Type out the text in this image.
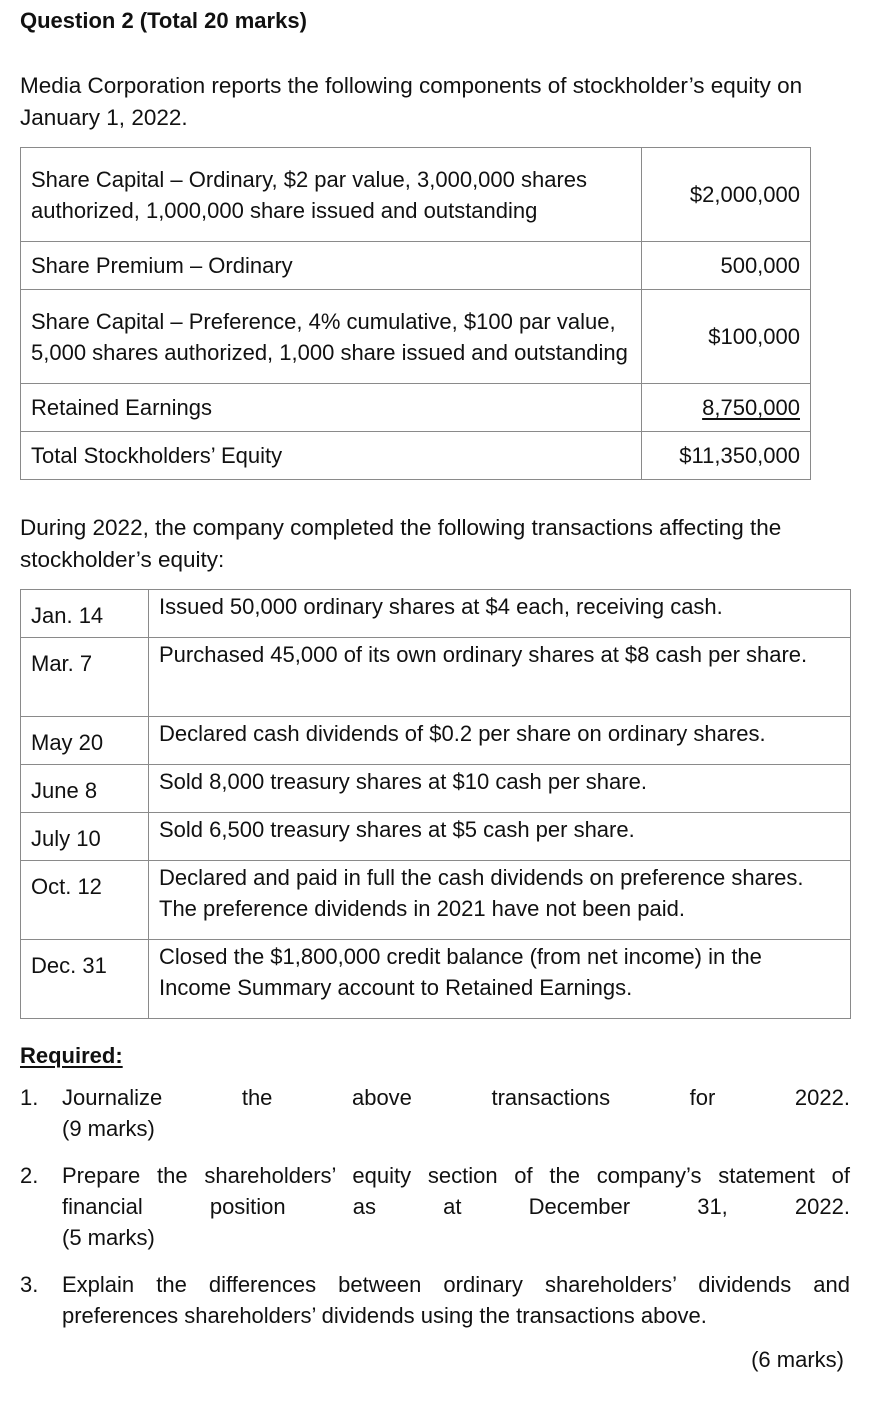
Question 2 (Total 20 marks)
Media Corporation reports the following components of stockholder’s equity on January 1, 2022.
Share Capital – Ordinary, $2 par value, 3,000,000 shares authorized, 1,000,000 share issued and outstanding	$2,000,000
Share Premium – Ordinary	500,000
Share Capital – Preference, 4% cumulative, $100 par value, 5,000 shares authorized, 1,000 share issued and outstanding	$100,000
Retained Earnings	8,750,000
Total Stockholders’ Equity	$11,350,000
During 2022, the company completed the following transactions affecting the stockholder’s equity:
Jan. 14	Issued 50,000 ordinary shares at $4 each, receiving cash.
Mar. 7	Purchased 45,000 of its own ordinary shares at $8 cash per share.
May 20	Declared cash dividends of $0.2 per share on ordinary shares.
June 8	Sold 8,000 treasury shares at $10 cash per share.
July 10	Sold 6,500 treasury shares at $5 cash per share.
Oct. 12	Declared and paid in full the cash dividends on preference shares. The preference dividends in 2021 have not been paid.
Dec. 31	Closed the $1,800,000 credit balance (from net income) in the Income Summary account to Retained Earnings.
Required:
1. Journalize	the	above	transactions	for	2022.
(9 marks)
2. Prepare the shareholders’ equity section of the company’s statement of
financial	position	as	at	December	31,	2022.
(5 marks)
3. Explain the differences between ordinary shareholders’ dividends and
preferences shareholders’ dividends using the transactions above.
(6 marks)
